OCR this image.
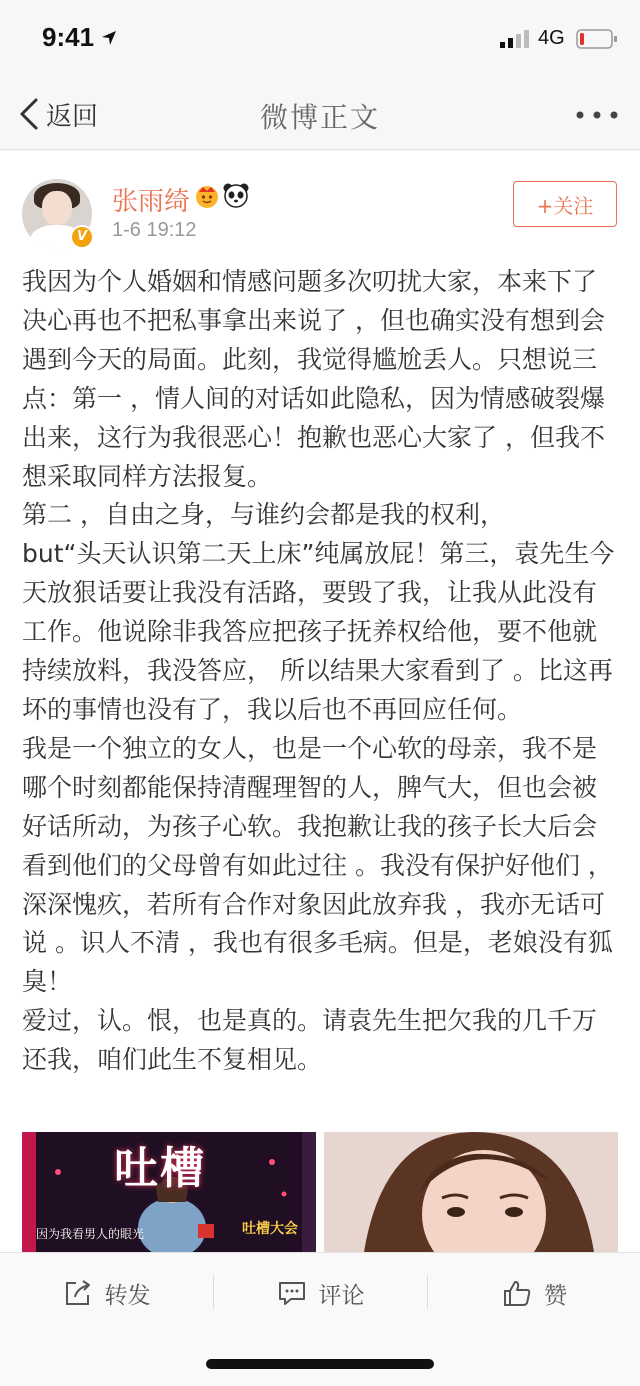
9:41	4G
返回	微博正文
V
张雨绮
1-6 19:12
+关注
我因为个人婚姻和情感问题多次叨扰大家，本来下了决心再也不把私事拿出来说了 ，但也确实没有想到会遇到今天的局面。此刻，我觉得尴尬丢人。只想说三点：第一 ，情人间的对话如此隐私，因为情感破裂爆出来，这行为我很恶心！抱歉也恶心大家了 ，但我不想采取同样方法报复。
第二 ，自由之身，与谁约会都是我的权利，
but“头天认识第二天上床”纯属放屁！第三，袁先生今天放狠话要让我没有活路，要毁了我，让我从此没有工作。他说除非我答应把孩子抚养权给他，要不他就持续放料，我没答应， 所以结果大家看到了 。比这再坏的事情也没有了，我以后也不再回应任何。
我是一个独立的女人，也是一个心软的母亲，我不是哪个时刻都能保持清醒理智的人，脾气大，但也会被好话所动，为孩子心软。我抱歉让我的孩子长大后会看到他们的父母曾有如此过往 。我没有保护好他们 ，深深愧疚，若所有合作对象因此放弃我 ，我亦无话可说 。识人不清 ，我也有很多毛病。但是，老娘没有狐臭！
爱过，认。恨，也是真的。请袁先生把欠我的几千万还我，咱们此生不复相见。
吐槽
因为我看男人的眼光	吐槽大会
转发	评论	赞
